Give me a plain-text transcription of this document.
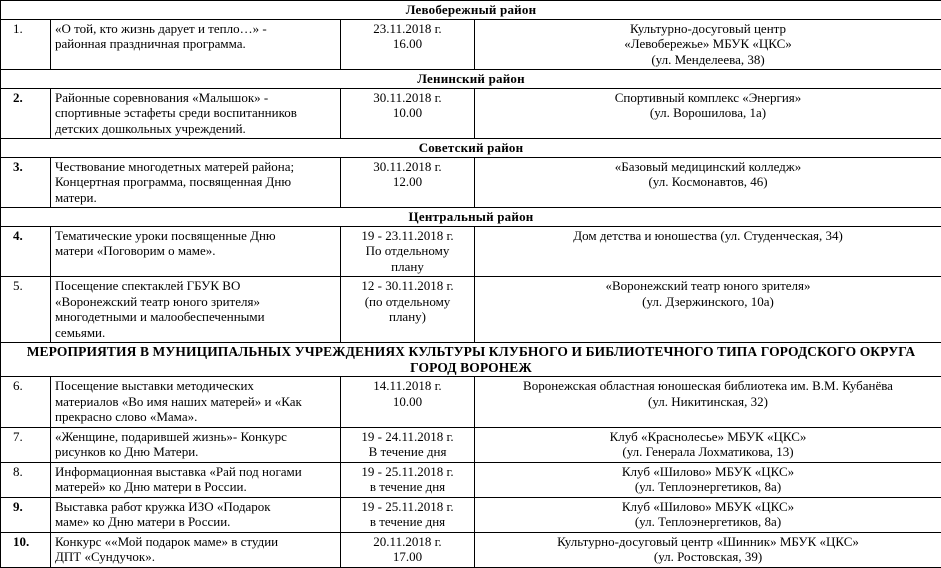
Левобережный район			
1.	«О той, кто жизнь дарует и тепло…» -
районная праздничная программа.	23.11.2018 г.
16.00	Культурно-досуговый центр
«Левобережье» МБУК «ЦКС»
(ул. Менделеева, 38)

Ленинский район			
2.	Районные соревнования «Малышок» -
спортивные эстафеты среди воспитанников
детских дошкольных учреждений.	30.11.2018 г.
10.00	Спортивный комплекс «Энергия»
(ул. Ворошилова, 1а)

Советский район			
3.	Чествование многодетных матерей района;
Концертная программа, посвященная Дню
матери.	30.11.2018 г.
12.00	«Базовый медицинский колледж»
(ул. Космонавтов, 46)

Центральный район			
4.	Тематические уроки посвященные Дню
матери «Поговорим о маме».	19 - 23.11.2018 г.
По отдельному
плану	Дом детства и юношества (ул. Студенческая, 34)

5.	Посещение спектаклей ГБУК ВО
«Воронежский театр юного зрителя»
многодетными и малообеспеченными
семьями.	12 - 30.11.2018 г.
(по отдельному
плану)	«Воронежский театр юного зрителя»
(ул. Дзержинского, 10а)

МЕРОПРИЯТИЯ В МУНИЦИПАЛЬНЫХ УЧРЕЖДЕНИЯХ КУЛЬТУРЫ КЛУБНОГО И БИБЛИОТЕЧНОГО ТИПА ГОРОДСКОГО ОКРУГА ГОРОД ВОРОНЕЖ			
6.	Посещение выставки методических
материалов «Во имя наших матерей» и «Как
прекрасно слово «Мама».	14.11.2018 г.
10.00	Воронежская областная юношеская библиотека им. В.М. Кубанёва
(ул. Никитинская, 32)

7.	«Женщине, подарившей жизнь»- Конкурс
рисунков ко Дню Матери.	19 - 24.11.2018 г.
В течение дня	Клуб «Краснолесье» МБУК «ЦКС»
(ул. Генерала Лохматикова, 13)

8.	Информационная выставка «Рай под ногами
матерей» ко Дню матери в России.	19 - 25.11.2018 г.
в течение дня	Клуб «Шилово» МБУК «ЦКС»
(ул. Теплоэнергетиков, 8а)

9.	Выставка работ кружка ИЗО «Подарок
маме» ко Дню матери в России.	19 - 25.11.2018 г.
в течение дня	Клуб «Шилово» МБУК «ЦКС»
(ул. Теплоэнергетиков, 8а)

10.	Конкурс ««Мой подарок маме» в студии
ДПТ «Сундучок».	20.11.2018 г.
17.00	Культурно-досуговый центр «Шинник» МБУК «ЦКС»
(ул. Ростовская, 39)
